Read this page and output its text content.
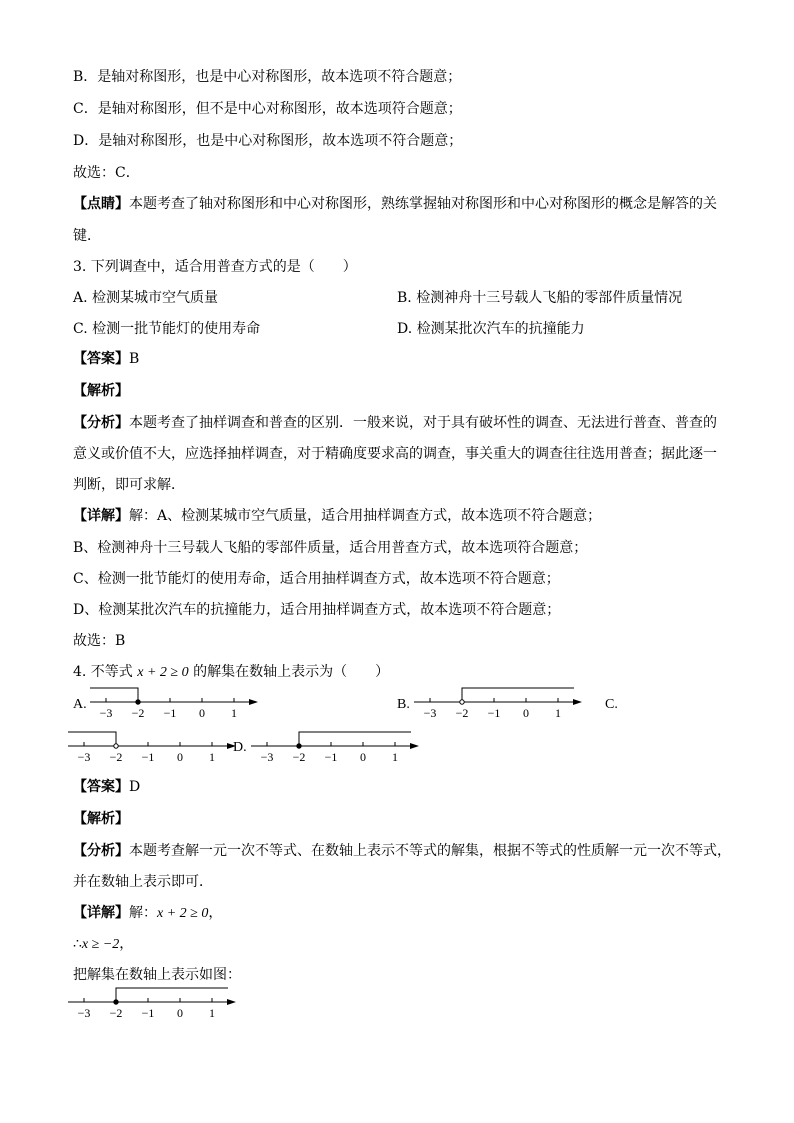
B．是轴对称图形，也是中心对称图形，故本选项不符合题意；
C．是轴对称图形，但不是中心对称图形，故本选项符合题意；
D．是轴对称图形，也是中心对称图形，故本选项不符合题意；
故选：C．
【点睛】本题考查了轴对称图形和中心对称图形，熟练掌握轴对称图形和中心对称图形的概念是解答的关
键．
3. 下列调查中，适合用普查方式的是（　　）
A. 检测某城市空气质量	B. 检测神舟十三号载人飞船的零部件质量情况
C. 检测一批节能灯的使用寿命	D. 检测某批次汽车的抗撞能力
【答案】B
【解析】
【分析】本题考查了抽样调查和普查的区别．一般来说，对于具有破坏性的调查、无法进行普查、普查的
意义或价值不大，应选择抽样调查，对于精确度要求高的调查，事关重大的调查往往选用普查；据此逐一
判断，即可求解．
【详解】解：A、检测某城市空气质量，适合用抽样调查方式，故本选项不符合题意；
B、检测神舟十三号载人飞船的零部件质量，适合用普查方式，故本选项符合题意；
C、检测一批节能灯的使用寿命，适合用抽样调查方式，故本选项不符合题意；
D、检测某批次汽车的抗撞能力，适合用抽样调查方式，故本选项不符合题意；
故选：B
4. 不等式 x + 2 ≥ 0 的解集在数轴上表示为（　　）
A.
−3 −2 −1 0 1
B.
−3 −2 −1 0 1
C.
−3 −2 −1 0 1
D.
−3 −2 −1 0 1
【答案】D
【解析】
【分析】本题考查解一元一次不等式、在数轴上表示不等式的解集，根据不等式的性质解一元一次不等式，
并在数轴上表示即可．
【详解】解：x + 2 ≥ 0，
∴x ≥ −2，
把解集在数轴上表示如图：
−3 −2 −1 0 1
